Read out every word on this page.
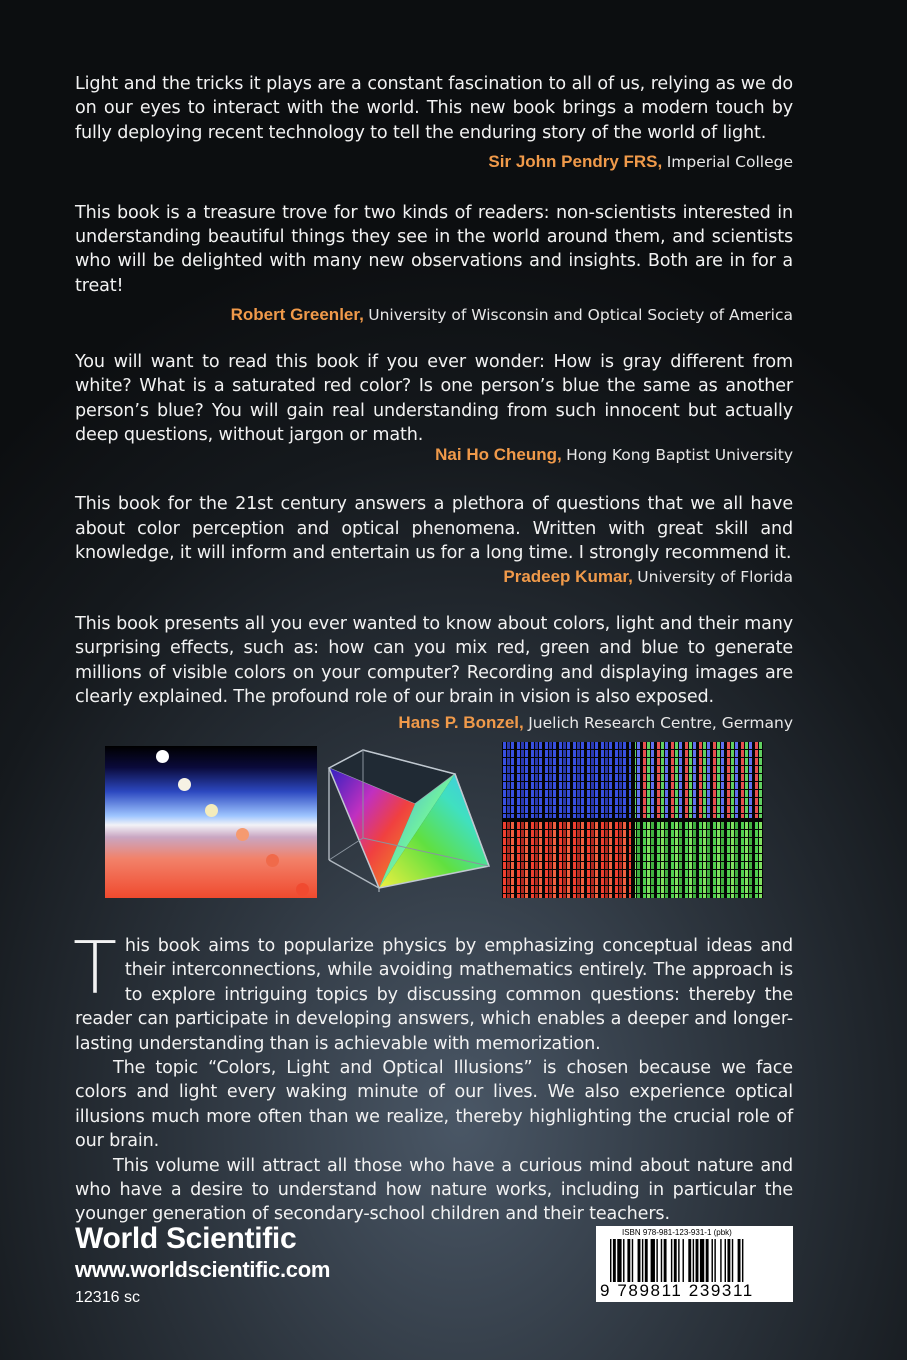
Light and the tricks it plays are a constant fascination to all of us, relying as we do on our eyes to interact with the world. This new book brings a modern touch by fully deploying recent technology to tell the enduring story of the world of light.

Sir John Pendry FRS, Imperial College

This book is a treasure trove for two kinds of readers: non-scientists interested in understanding beautiful things they see in the world around them, and scientists who will be delighted with many new observations and insights. Both are in for a treat!

Robert Greenler, University of Wisconsin and Optical Society of America

You will want to read this book if you ever wonder: How is gray different from white? What is a saturated red color? Is one person’s blue the same as another person’s blue? You will gain real understanding from such innocent but actually deep questions, without jargon or math.

Nai Ho Cheung, Hong Kong Baptist University

This book for the 21st century answers a plethora of questions that we all have about color perception and optical phenomena. Written with great skill and knowledge, it will inform and entertain us for a long time. I strongly recommend it.

Pradeep Kumar, University of Florida

This book presents all you ever wanted to know about colors, light and their many surprising effects, such as: how can you mix red, green and blue to generate millions of visible colors on your computer? Recording and displaying images are clearly explained. The profound role of our brain in vision is also exposed.

Hans P. Bonzel, Juelich Research Centre, Germany

This book aims to popularize physics by emphasizing conceptual ideas and their interconnections, while avoiding mathematics entirely. The approach is to explore intriguing topics by discussing common questions: thereby the reader can participate in developing answers, which enables a deeper and longer-lasting understanding than is achievable with memorization.

The topic “Colors, Light and Optical Illusions” is chosen because we face colors and light every waking minute of our lives. We also experience optical illusions much more often than we realize, thereby highlighting the crucial role of our brain.

This volume will attract all those who have a curious mind about nature and who have a desire to understand how nature works, including in particular the younger generation of secondary-school children and their teachers.

World Scientific
www.worldscientific.com
12316 sc
ISBN 978-981-123-931-1 (pbk)
9 789811 239311
